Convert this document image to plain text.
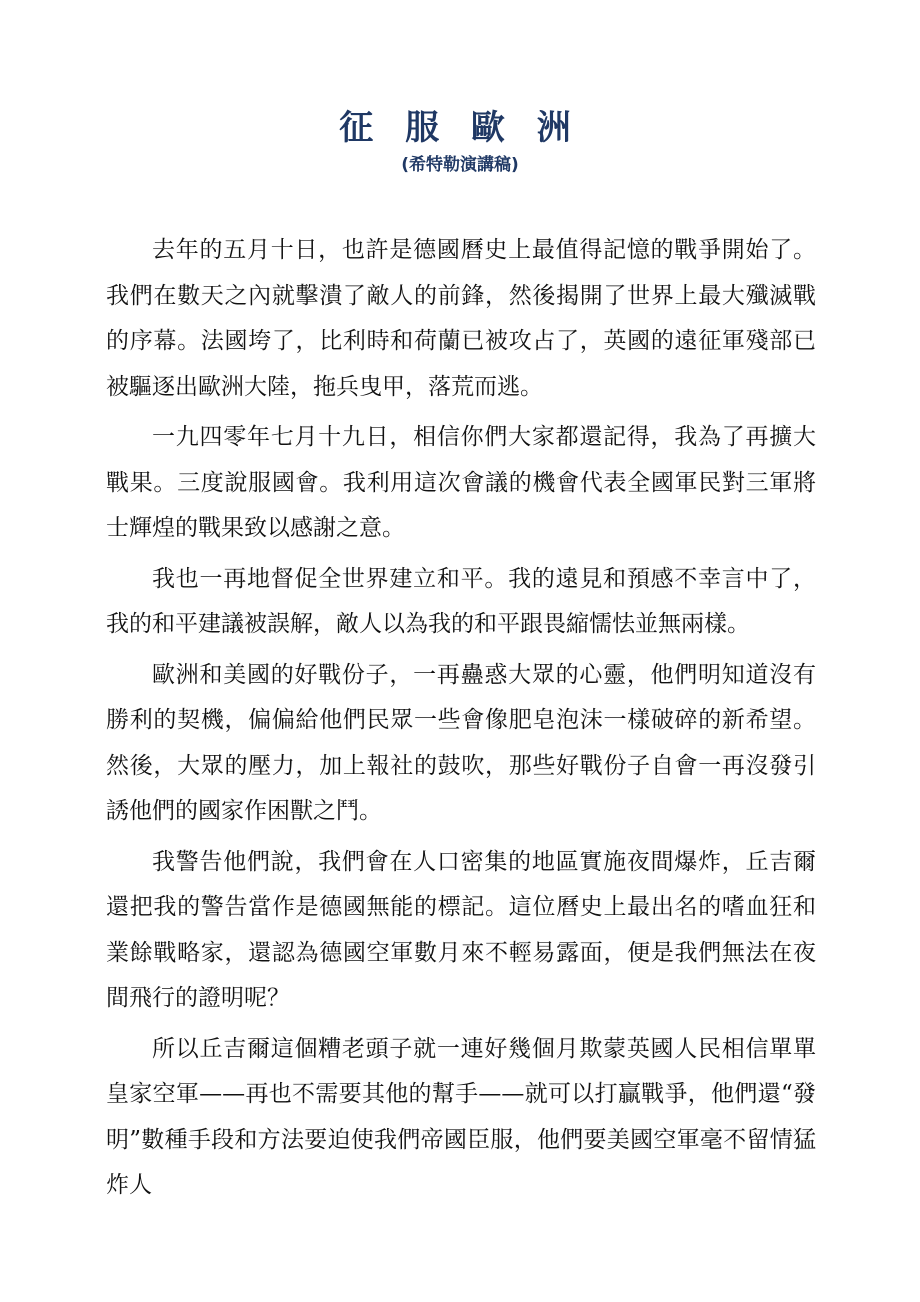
征 服 歐 洲
(希特勒演講稿)

去年的五月十日，也許是德國曆史上最值得記憶的戰爭開始了。我們在數天之內就擊潰了敵人的前鋒，然後揭開了世界上最大殲滅戰的序幕。法國垮了，比利時和荷蘭已被攻占了，英國的遠征軍殘部已被驅逐出歐洲大陸，拖兵曳甲，落荒而逃。

一九四零年七月十九日，相信你們大家都還記得，我為了再擴大戰果。三度說服國會。我利用這次會議的機會代表全國軍民對三軍將士輝煌的戰果致以感謝之意。

我也一再地督促全世界建立和平。我的遠見和預感不幸言中了，我的和平建議被誤解，敵人以為我的和平跟畏縮懦怯並無兩樣。

歐洲和美國的好戰份子，一再蠱惑大眾的心靈，他們明知道沒有勝利的契機，偏偏給他們民眾一些會像肥皂泡沫一樣破碎的新希望。然後，大眾的壓力，加上報社的鼓吹，那些好戰份子自會一再沒發引誘他們的國家作困獸之鬥。

我警告他們說，我們會在人口密集的地區實施夜間爆炸，丘吉爾還把我的警告當作是德國無能的標記。這位曆史上最出名的嗜血狂和業餘戰略家，還認為德國空軍數月來不輕易露面，便是我們無法在夜間飛行的證明呢？

所以丘吉爾這個糟老頭子就一連好幾個月欺蒙英國人民相信單單皇家空軍——再也不需要其他的幫手——就可以打贏戰爭，他們還“發明”數種手段和方法要迫使我們帝國臣服，他們要美國空軍毫不留情猛炸人
